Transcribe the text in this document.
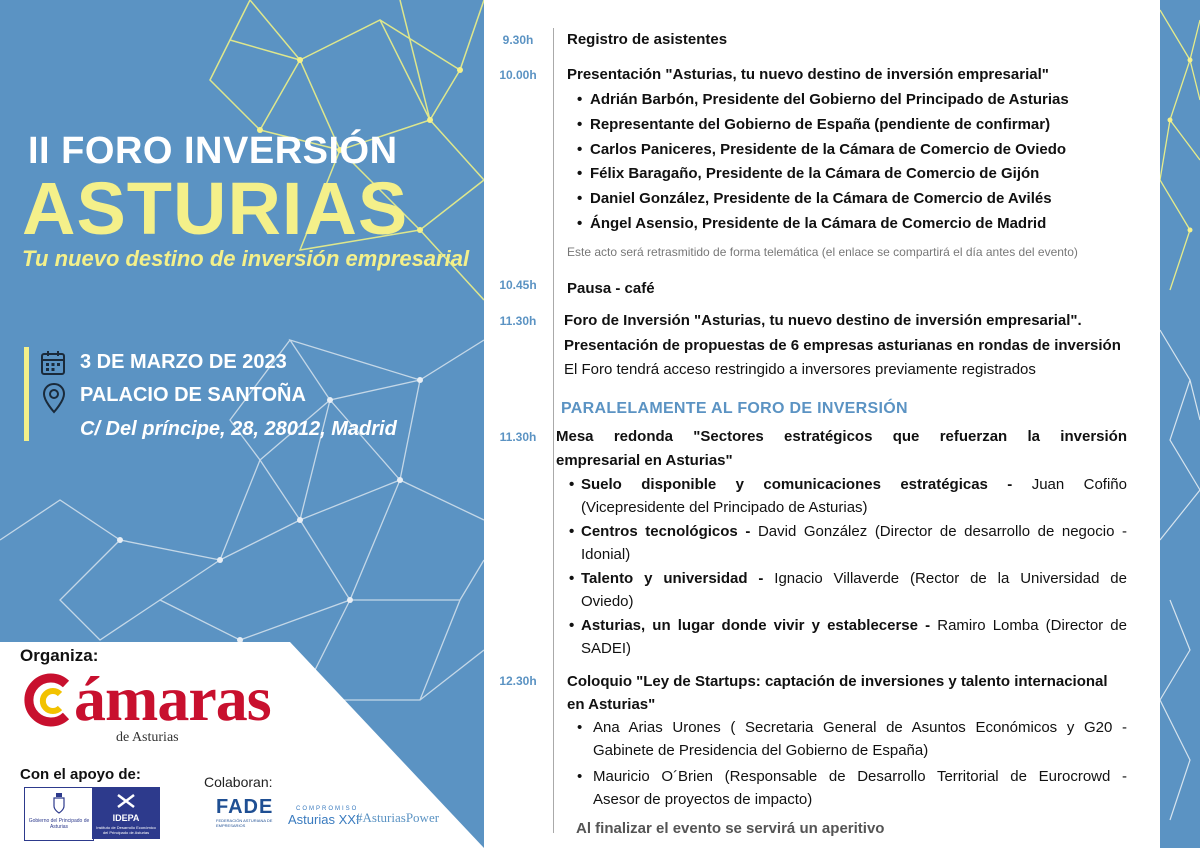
II FORO INVERSIÓN
ASTURIAS
Tu nuevo destino de inversión empresarial
3 DE MARZO DE 2023
PALACIO DE SANTOÑA
C/ Del príncipe, 28, 28012, Madrid
9.30h	Registro de asistentes
10.00h	Presentación "Asturias, tu nuevo destino de inversión empresarial"
• Adrián Barbón, Presidente del Gobierno del Principado de Asturias
• Representante del Gobierno de España (pendiente de confirmar)
• Carlos Paniceres, Presidente de la Cámara de Comercio de Oviedo
• Félix Baragaño, Presidente de la Cámara de Comercio de Gijón
• Daniel González, Presidente de la Cámara de Comercio de Avilés
• Ángel Asensio, Presidente de la Cámara de Comercio de Madrid
Este acto será retrasmitido de forma telemática (el enlace se compartirá el día antes del evento)
10.45h	Pausa - café
11.30h	Foro de Inversión "Asturias, tu nuevo destino de inversión empresarial".
Presentación de propuestas de 6 empresas asturianas en rondas de inversión
El Foro tendrá acceso restringido a inversores previamente registrados
PARALELAMENTE AL FORO DE INVERSIÓN
11.30h	Mesa redonda "Sectores estratégicos que refuerzan la inversión
empresarial en Asturias"
• Suelo disponible y comunicaciones estratégicas - Juan Cofiño
(Vicepresidente del Principado de Asturias)
• Centros tecnológicos - David González (Director de desarrollo de negocio -
Idonial)
• Talento y universidad - Ignacio Villaverde (Rector de la Universidad de
Oviedo)
• Asturias, un lugar donde vivir y establecerse - Ramiro Lomba (Director de
SADEI)
12.30h	Coloquio "Ley de Startups: captación de inversiones y talento internacional
en Asturias"
• Ana Arias Urones ( Secretaria General de Asuntos Económicos y G20 -
Gabinete de Presidencia del Gobierno de España)
• Mauricio O´Brien (Responsable de Desarrollo Territorial de Eurocrowd -
Asesor de proyectos de impacto)
Al finalizar el evento se servirá un aperitivo
Organiza:
ámaras
de Asturias
Con el apoyo de:
Gobierno del Principado de Asturias
IDEPA
Instituto de Desarrollo Económico del Principado de Asturias
Colaboran:
FADE
FEDERACIÓN ASTURIANA DE EMPRESARIOS
COMPROMISO
Asturias XXI
#AsturiasPower
